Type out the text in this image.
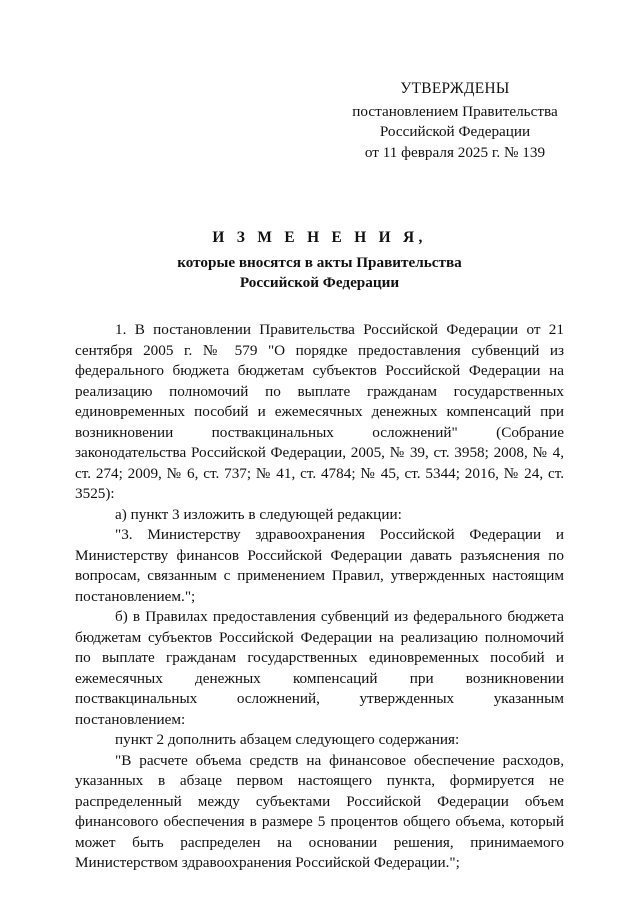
УТВЕРЖДЕНЫ
постановлением Правительства
Российской Федерации
от 11 февраля 2025 г. № 139
И З М Е Н Е Н И Я,
которые вносятся в акты Правительства
Российской Федерации

1. В постановлении Правительства Российской Федерации от 21 сентября 2005 г. № 579 "О порядке предоставления субвенций из федерального бюджета бюджетам субъектов Российской Федерации на реализацию полномочий по выплате гражданам государственных единовременных пособий и ежемесячных денежных компенсаций при возникновении поствакцинальных осложнений" (Собрание законодательства Российской Федерации, 2005, № 39, ст. 3958; 2008, № 4, ст. 274; 2009, № 6, ст. 737; № 41, ст. 4784; № 45, ст. 5344; 2016, № 24, ст. 3525):

а) пункт 3 изложить в следующей редакции:

"3. Министерству здравоохранения Российской Федерации и Министерству финансов Российской Федерации давать разъяснения по вопросам, связанным с применением Правил, утвержденных настоящим постановлением.";

б) в Правилах предоставления субвенций из федерального бюджета бюджетам субъектов Российской Федерации на реализацию полномочий по выплате гражданам государственных единовременных пособий и ежемесячных денежных компенсаций при возникновении поствакцинальных осложнений, утвержденных указанным постановлением:

пункт 2 дополнить абзацем следующего содержания:

"В расчете объема средств на финансовое обеспечение расходов, указанных в абзаце первом настоящего пункта, формируется не распределенный между субъектами Российской Федерации объем финансового обеспечения в размере 5 процентов общего объема, который может быть распределен на основании решения, принимаемого Министерством здравоохранения Российской Федерации.";
